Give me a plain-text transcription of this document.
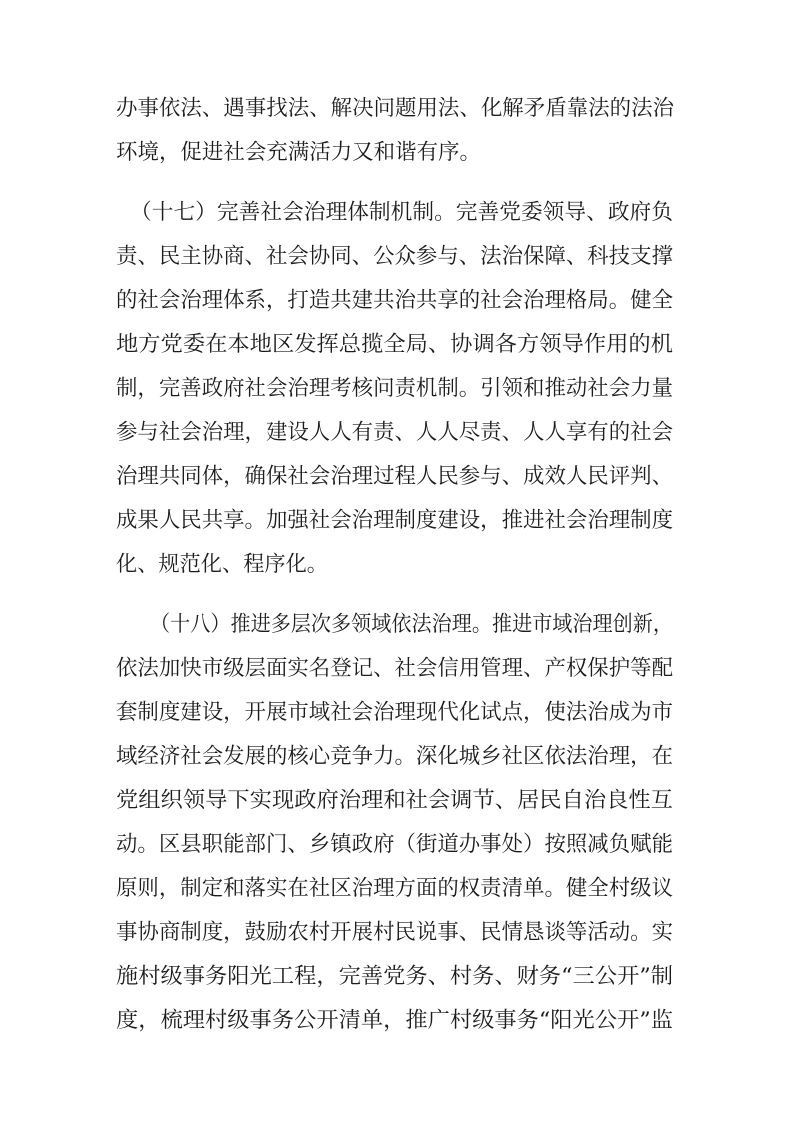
办事依法、遇事找法、解决问题用法、化解矛盾靠法的法治

环境，促进社会充满活力又和谐有序。

（十七）完善社会治理体制机制。完善党委领导、政府负

责、民主协商、社会协同、公众参与、法治保障、科技支撑

的社会治理体系，打造共建共治共享的社会治理格局。健全

地方党委在本地区发挥总揽全局、协调各方领导作用的机

制，完善政府社会治理考核问责机制。引领和推动社会力量

参与社会治理，建设人人有责、人人尽责、人人享有的社会

治理共同体，确保社会治理过程人民参与、成效人民评判、

成果人民共享。加强社会治理制度建设，推进社会治理制度

化、规范化、程序化。

（十八）推进多层次多领域依法治理。推进市域治理创新，

依法加快市级层面实名登记、社会信用管理、产权保护等配

套制度建设，开展市域社会治理现代化试点，使法治成为市

域经济社会发展的核心竞争力。深化城乡社区依法治理，在

党组织领导下实现政府治理和社会调节、居民自治良性互

动。区县职能部门、乡镇政府（街道办事处）按照减负赋能

原则，制定和落实在社区治理方面的权责清单。健全村级议

事协商制度，鼓励农村开展村民说事、民情恳谈等活动。实

施村级事务阳光工程，完善党务、村务、财务“三公开”制

度，梳理村级事务公开清单，推广村级事务“阳光公开”监
